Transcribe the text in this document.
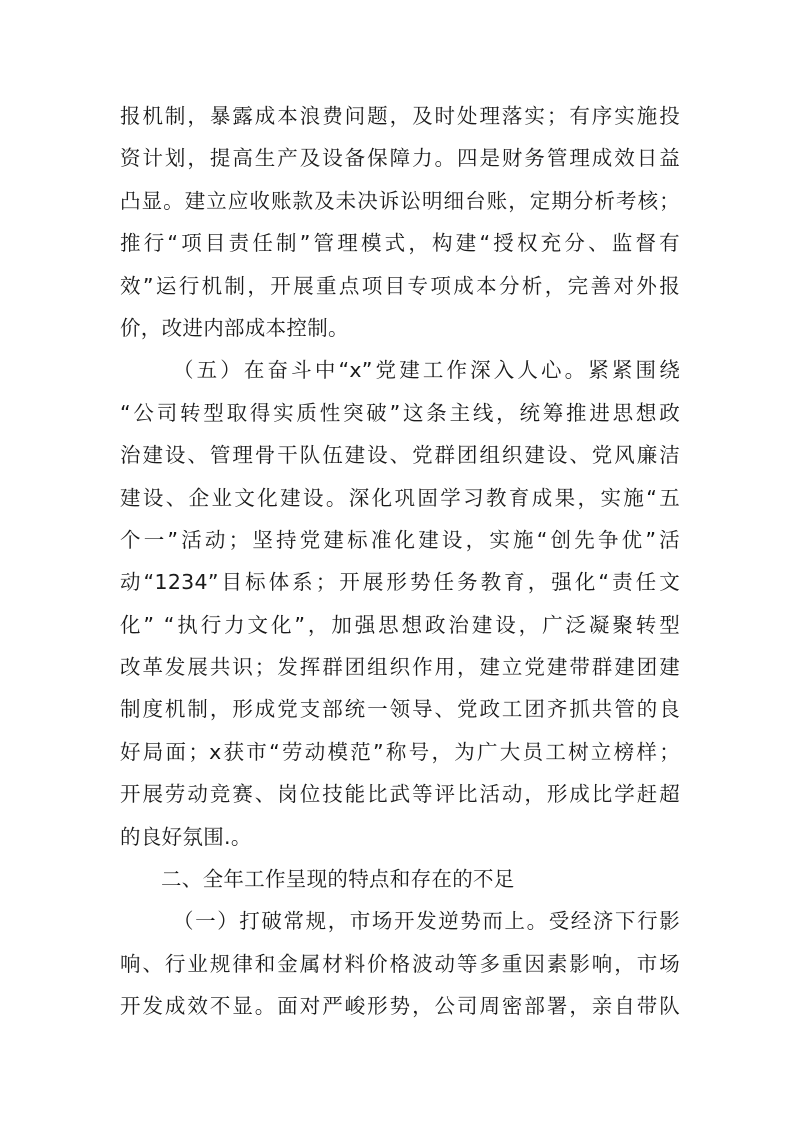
报机制，暴露成本浪费问题，及时处理落实；有序实施投
资计划，提高生产及设备保障力。四是财务管理成效日益
凸显。建立应收账款及未决诉讼明细台账，定期分析考核；
推行“项目责任制”管理模式，构建“授权充分、监督有
效”运行机制，开展重点项目专项成本分析，完善对外报
价，改进内部成本控制。
（五）在奋斗中“x”党建工作深入人心。紧紧围绕
“公司转型取得实质性突破”这条主线，统筹推进思想政
治建设、管理骨干队伍建设、党群团组织建设、党风廉洁
建设、企业文化建设。深化巩固学习教育成果，实施“五
个一”活动；坚持党建标准化建设，实施“创先争优”活
动“1234”目标体系；开展形势任务教育，强化“责任文
化” “执行力文化”，加强思想政治建设，广泛凝聚转型
改革发展共识；发挥群团组织作用，建立党建带群建团建
制度机制，形成党支部统一领导、党政工团齐抓共管的良
好局面；x获市“劳动模范”称号，为广大员工树立榜样；
开展劳动竞赛、岗位技能比武等评比活动，形成比学赶超
的良好氛围.。
二、全年工作呈现的特点和存在的不足
（一）打破常规，市场开发逆势而上。受经济下行影
响、行业规律和金属材料价格波动等多重因素影响，市场
开发成效不显。面对严峻形势，公司周密部署，亲自带队
